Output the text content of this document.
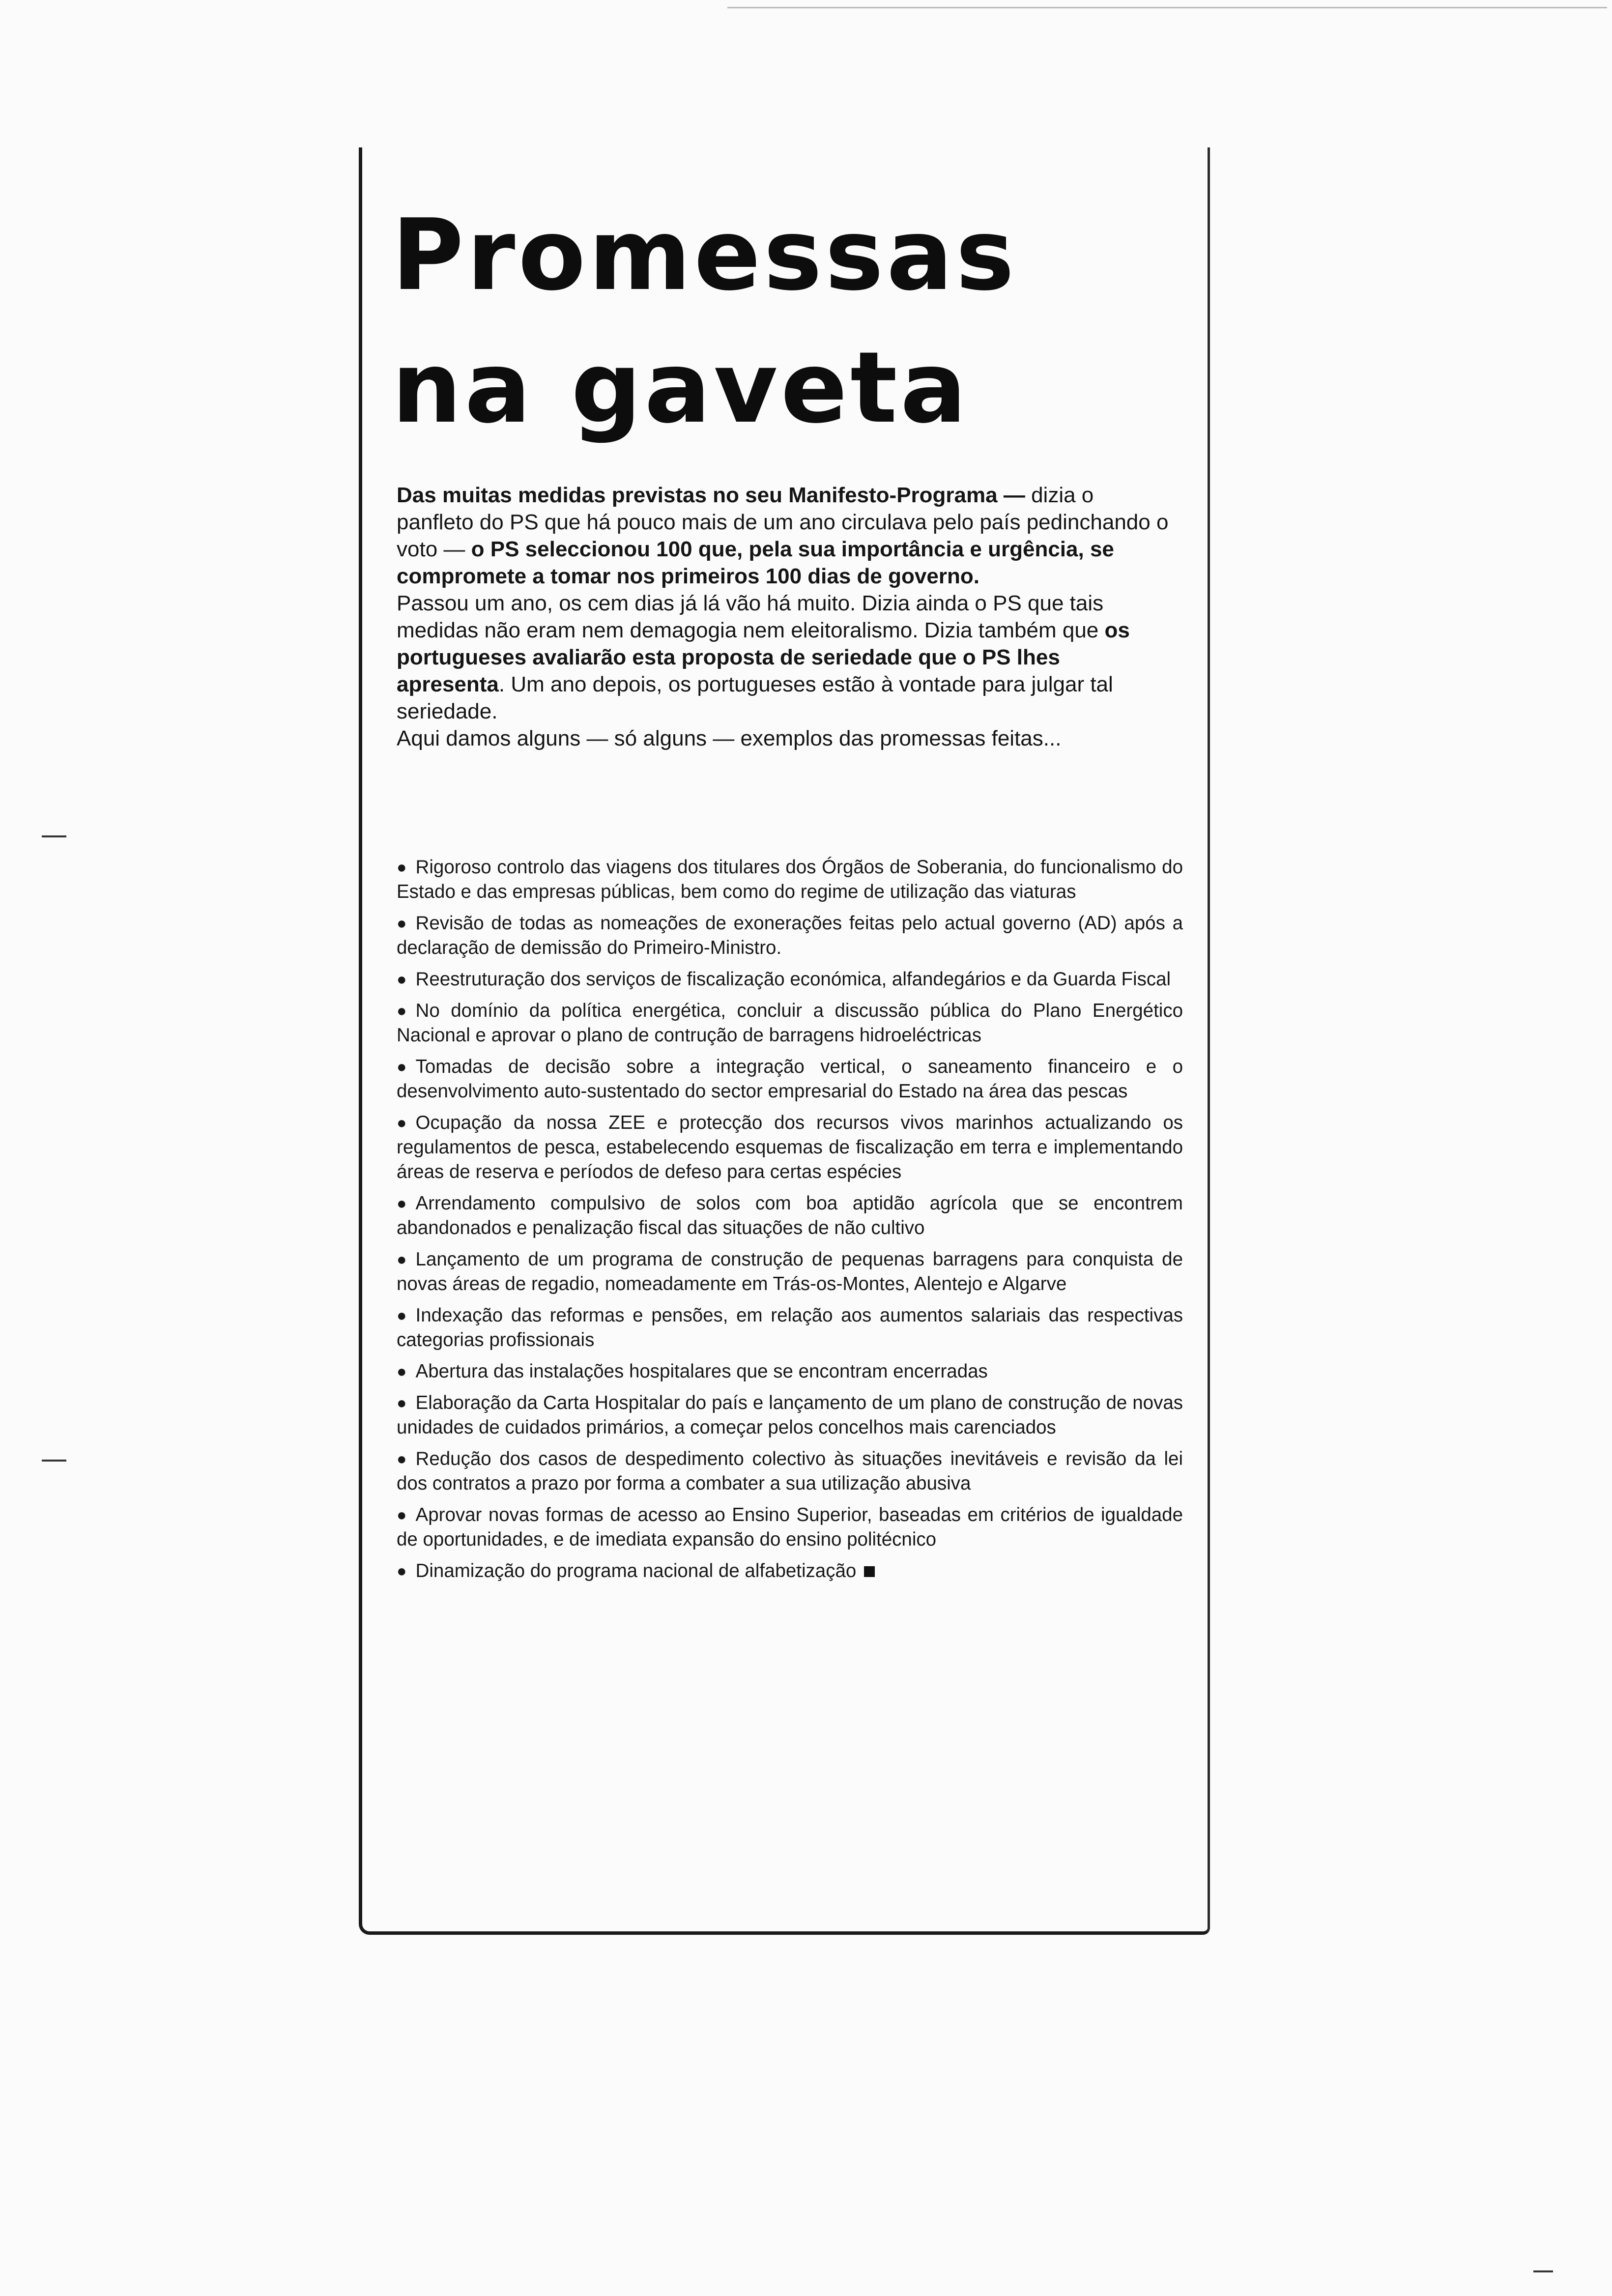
Promessas
na gaveta

Das muitas medidas previstas no seu Manifesto-Programa — dizia o panfleto do PS que há pouco mais de um ano circulava pelo país pedinchando o voto — o PS seleccionou 100 que, pela sua importância e urgência, se compromete a tomar nos primeiros 100 dias de governo.

Passou um ano, os cem dias já lá vão há muito. Dizia ainda o PS que tais medidas não eram nem demagogia nem eleitoralismo. Dizia também que os portugueses avaliarão esta proposta de seriedade que o PS lhes apresenta. Um ano depois, os portugueses estão à vontade para julgar tal seriedade.

Aqui damos alguns — só alguns — exemplos das promessas feitas...

● Rigoroso controlo das viagens dos titulares dos Órgãos de Soberania, do funcionalismo do Estado e das empresas públicas, bem como do regime de utilização das viaturas
● Revisão de todas as nomeações de exonerações feitas pelo actual governo (AD) após a declaração de demissão do Primeiro-Ministro.
● Reestruturação dos serviços de fiscalização económica, alfandegários e da Guarda Fiscal
● No domínio da política energética, concluir a discussão pública do Plano Energético Nacional e aprovar o plano de contrução de barragens hidroeléctricas
● Tomadas de decisão sobre a integração vertical, o saneamento financeiro e o desenvolvimento auto-sustentado do sector empresarial do Estado na área das pescas
● Ocupação da nossa ZEE e protecção dos recursos vivos marinhos actualizando os regulamentos de pesca, estabelecendo esquemas de fiscalização em terra e implementando áreas de reserva e períodos de defeso para certas espécies
● Arrendamento compulsivo de solos com boa aptidão agrícola que se encontrem abandonados e penalização fiscal das situações de não cultivo
● Lançamento de um programa de construção de pequenas barragens para conquista de novas áreas de regadio, nomeadamente em Trás-os-Montes, Alentejo e Algarve
● Indexação das reformas e pensões, em relação aos aumentos salariais das respectivas categorias profissionais
● Abertura das instalações hospitalares que se encontram encerradas
● Elaboração da Carta Hospitalar do país e lançamento de um plano de construção de novas unidades de cuidados primários, a começar pelos concelhos mais carenciados
● Redução dos casos de despedimento colectivo às situações inevitáveis e revisão da lei dos contratos a prazo por forma a combater a sua utilização abusiva
● Aprovar novas formas de acesso ao Ensino Superior, baseadas em critérios de igualdade de oportunidades, e de imediata expansão do ensino politécnico
● Dinamização do programa nacional de alfabetização
